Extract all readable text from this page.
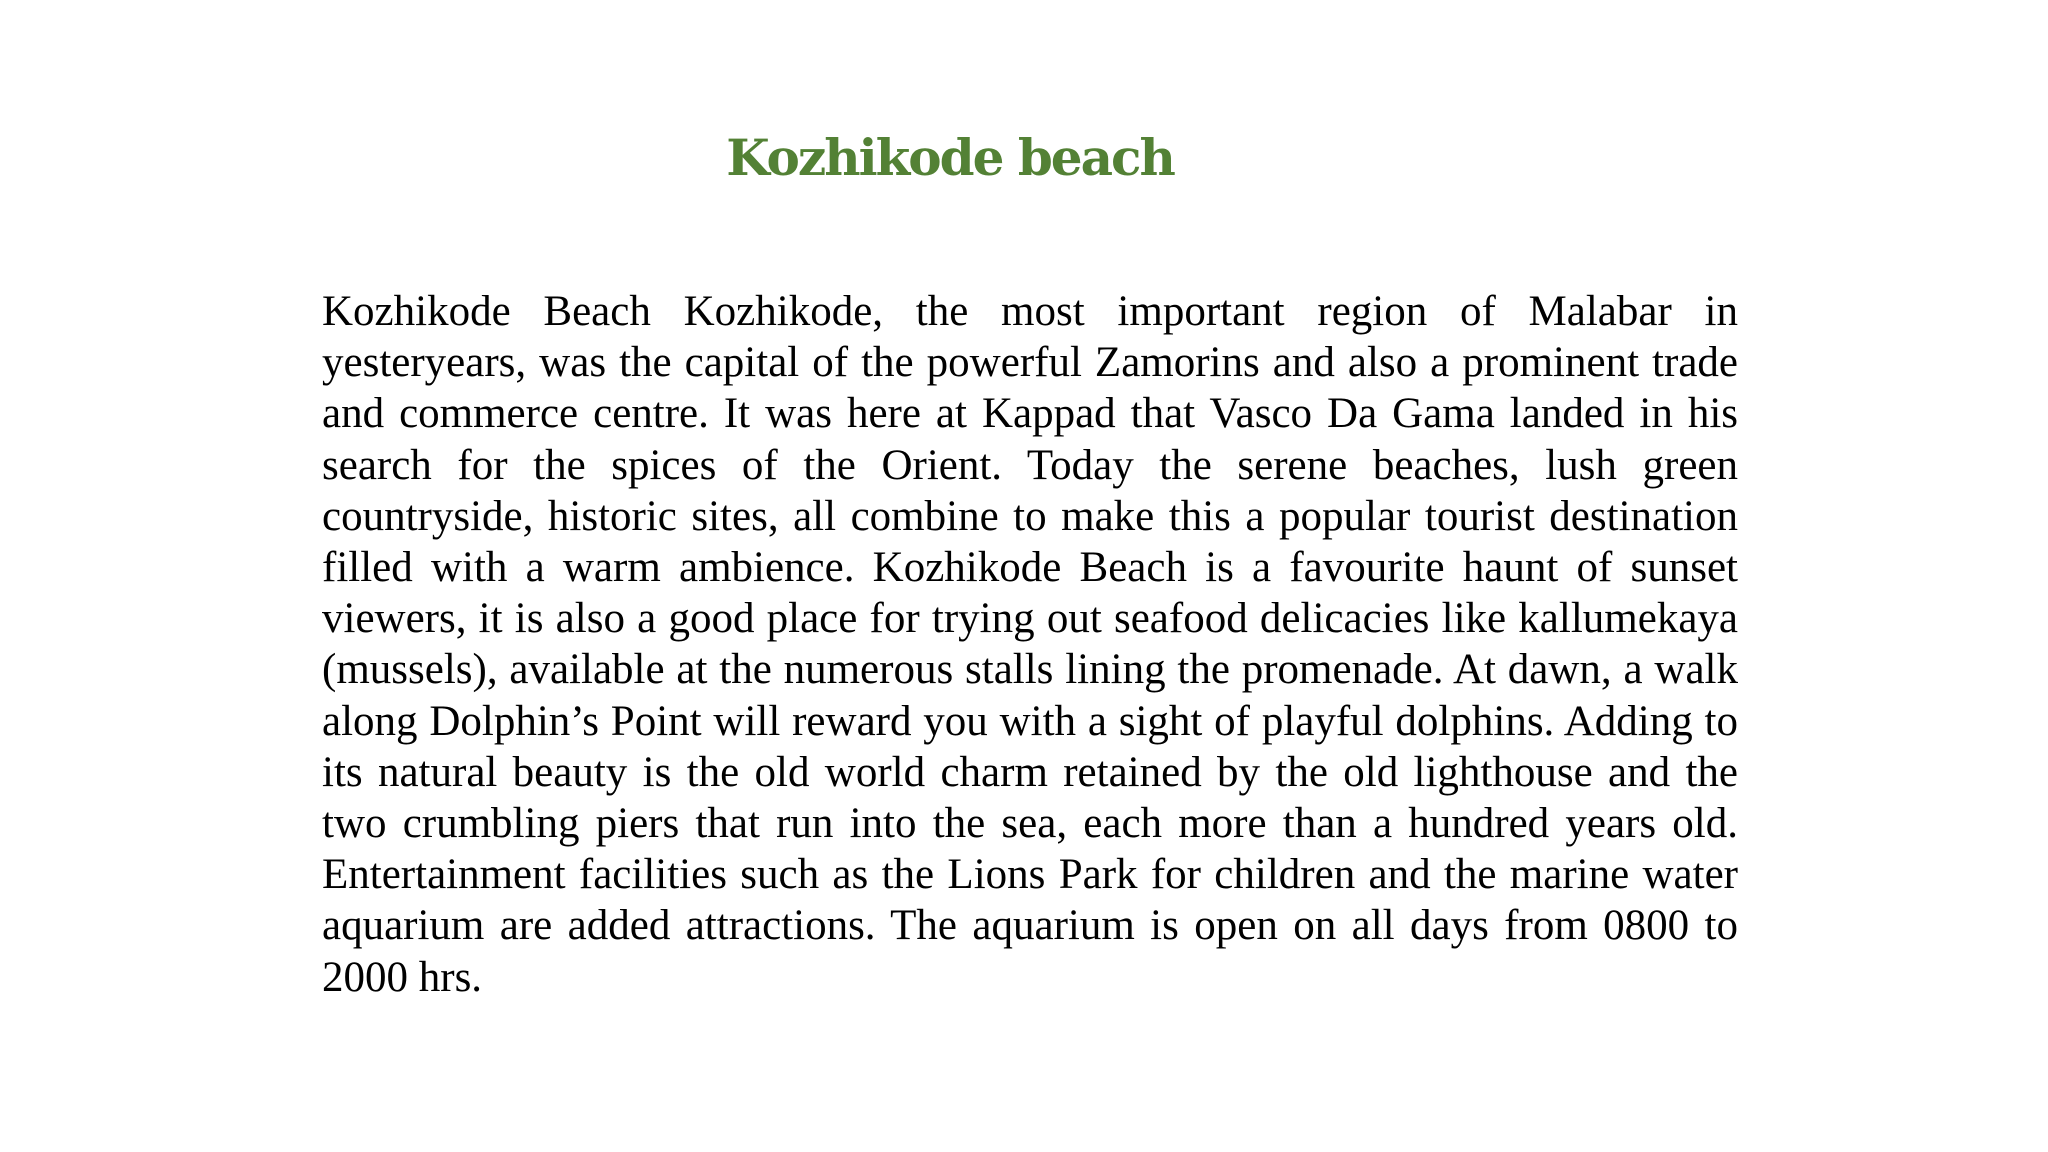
Kozhikode beach

Kozhikode Beach Kozhikode, the most important region of Malabar in yesteryears, was the capital of the powerful Zamorins and also a prominent trade and commerce centre. It was here at Kappad that Vasco Da Gama landed in his search for the spices of the Orient. Today the serene beaches, lush green countryside, historic sites, all combine to make this a popular tourist destination filled with a warm ambience. Kozhikode Beach is a favourite haunt of sunset viewers, it is also a good place for trying out seafood delicacies like kallumekaya (mussels), available at the numerous stalls lining the promenade. At dawn, a walk along Dolphin’s Point will reward you with a sight of playful dolphins. Adding to its natural beauty is the old world charm retained by the old lighthouse and the two crumbling piers that run into the sea, each more than a hundred years old. Entertainment facilities such as the Lions Park for children and the marine water aquarium are added attractions. The aquarium is open on all days from 0800 to 2000 hrs.
